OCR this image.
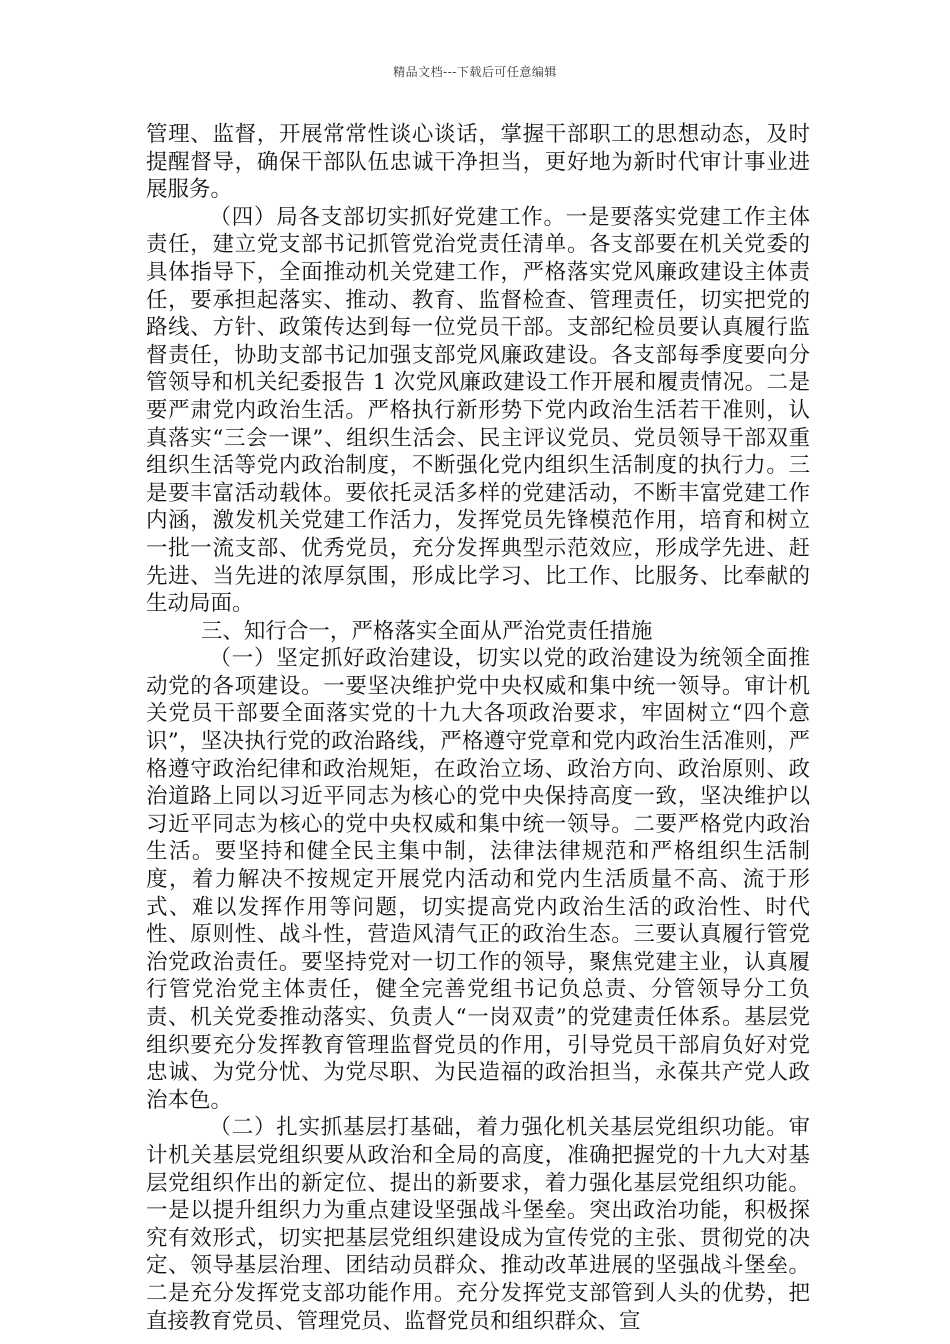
精品文档---下载后可任意编辑

管理、监督，开展常常性谈心谈话，掌握干部职工的思想动态，及时提醒督导，确保干部队伍忠诚干净担当，更好地为新时代审计事业进展服务。

（四）局各支部切实抓好党建工作。一是要落实党建工作主体责任，建立党支部书记抓管党治党责任清单。各支部要在机关党委的具体指导下，全面推动机关党建工作，严格落实党风廉政建设主体责任，要承担起落实、推动、教育、监督检查、管理责任，切实把党的路线、方针、政策传达到每一位党员干部。支部纪检员要认真履行监督责任，协助支部书记加强支部党风廉政建设。各支部每季度要向分管领导和机关纪委报告 1 次党风廉政建设工作开展和履责情况。二是要严肃党内政治生活。严格执行新形势下党内政治生活若干准则，认真落实“三会一课”、组织生活会、民主评议党员、党员领导干部双重组织生活等党内政治制度，不断强化党内组织生活制度的执行力。三是要丰富活动载体。要依托灵活多样的党建活动，不断丰富党建工作内涵，激发机关党建工作活力，发挥党员先锋模范作用，培育和树立一批一流支部、优秀党员，充分发挥典型示范效应，形成学先进、赶先进、当先进的浓厚氛围，形成比学习、比工作、比服务、比奉献的生动局面。

三、知行合一，严格落实全面从严治党责任措施

（一）坚定抓好政治建设，切实以党的政治建设为统领全面推动党的各项建设。一要坚决维护党中央权威和集中统一领导。审计机关党员干部要全面落实党的十九大各项政治要求，牢固树立“四个意识”，坚决执行党的政治路线，严格遵守党章和党内政治生活准则，严格遵守政治纪律和政治规矩，在政治立场、政治方向、政治原则、政治道路上同以习近平同志为核心的党中央保持高度一致，坚决维护以习近平同志为核心的党中央权威和集中统一领导。二要严格党内政治生活。要坚持和健全民主集中制，法律法律规范和严格组织生活制度，着力解决不按规定开展党内活动和党内生活质量不高、流于形式、难以发挥作用等问题，切实提高党内政治生活的政治性、时代性、原则性、战斗性，营造风清气正的政治生态。三要认真履行管党治党政治责任。要坚持党对一切工作的领导，聚焦党建主业，认真履行管党治党主体责任，健全完善党组书记负总责、分管领导分工负责、机关党委推动落实、负责人“一岗双责”的党建责任体系。基层党组织要充分发挥教育管理监督党员的作用，引导党员干部肩负好对党忠诚、为党分忧、为党尽职、为民造福的政治担当，永葆共产党人政治本色。

（二）扎实抓基层打基础，着力强化机关基层党组织功能。审计机关基层党组织要从政治和全局的高度，准确把握党的十九大对基层党组织作出的新定位、提出的新要求，着力强化基层党组织功能。一是以提升组织力为重点建设坚强战斗堡垒。突出政治功能，积极探究有效形式，切实把基层党组织建设成为宣传党的主张、贯彻党的决定、领导基层治理、团结动员群众、推动改革进展的坚强战斗堡垒。二是充分发挥党支部功能作用。充分发挥党支部管到人头的优势，把直接教育党员、管理党员、监督党员和组织群众、宣
